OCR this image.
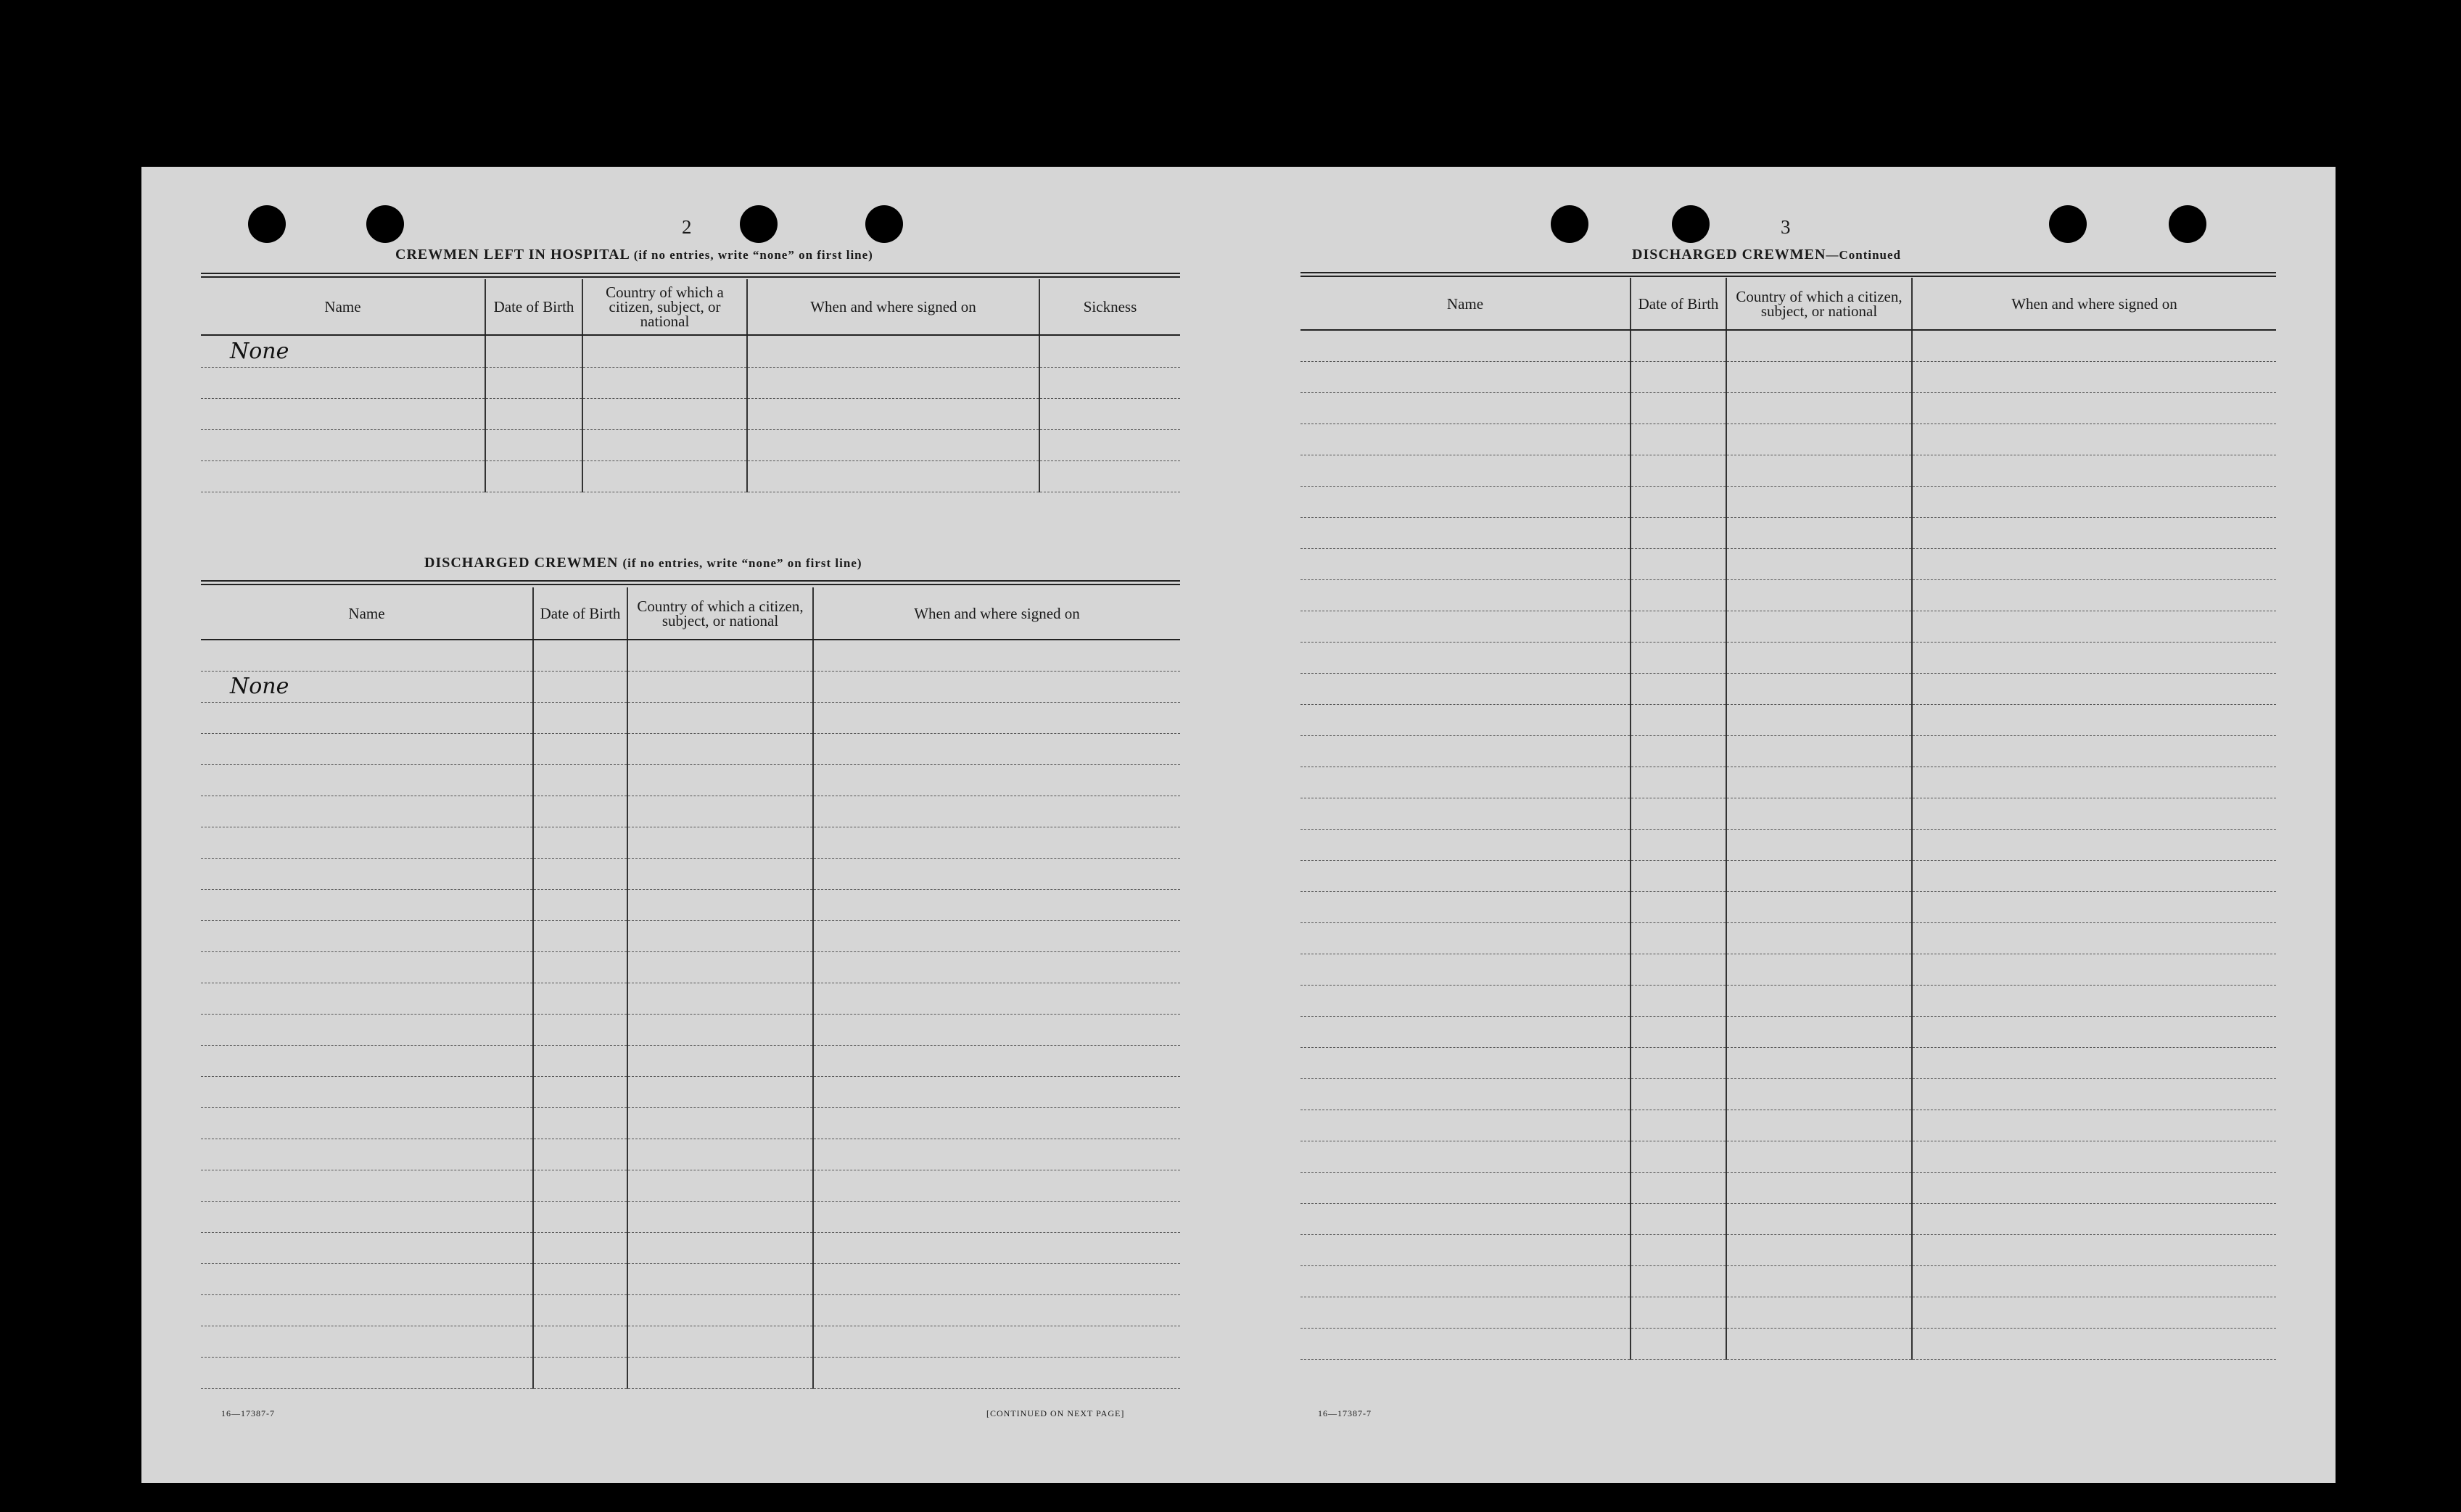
2
CREWMEN LEFT IN HOSPITAL (if no entries, write “none” on first line)
Name	Date of Birth	Country of which a citizen, subject, or national	When and where signed on	Sickness
None				

DISCHARGED CREWMEN (if no entries, write “none” on first line)
Name	Date of Birth	Country of which a citizen, subject, or national	When and where signed on

None			

16—17387-7	[CONTINUED ON NEXT PAGE]
3
DISCHARGED CREWMEN—Continued
Name	Date of Birth	Country of which a citizen, subject, or national	When and where signed on

16—17387-7
